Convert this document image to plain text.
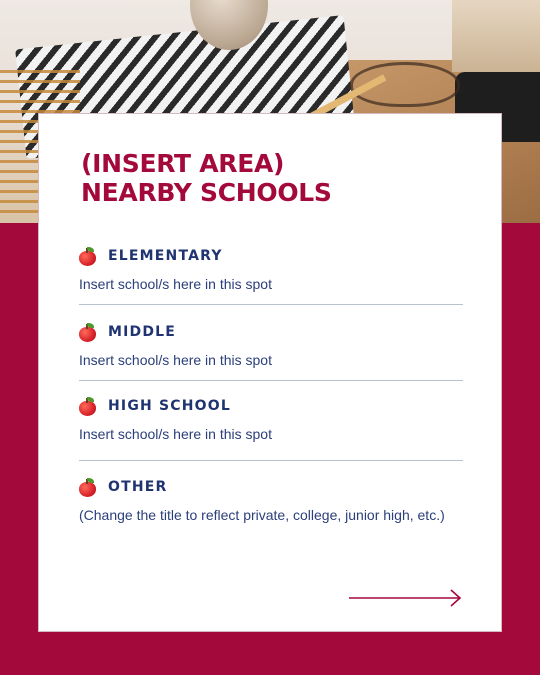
(INSERT AREA)
NEARBY SCHOOLS
ELEMENTARY
Insert school/s here in this spot
MIDDLE
Insert school/s here in this spot
HIGH SCHOOL
Insert school/s here in this spot
OTHER
(Change the title to reflect private, college, junior high, etc.)
